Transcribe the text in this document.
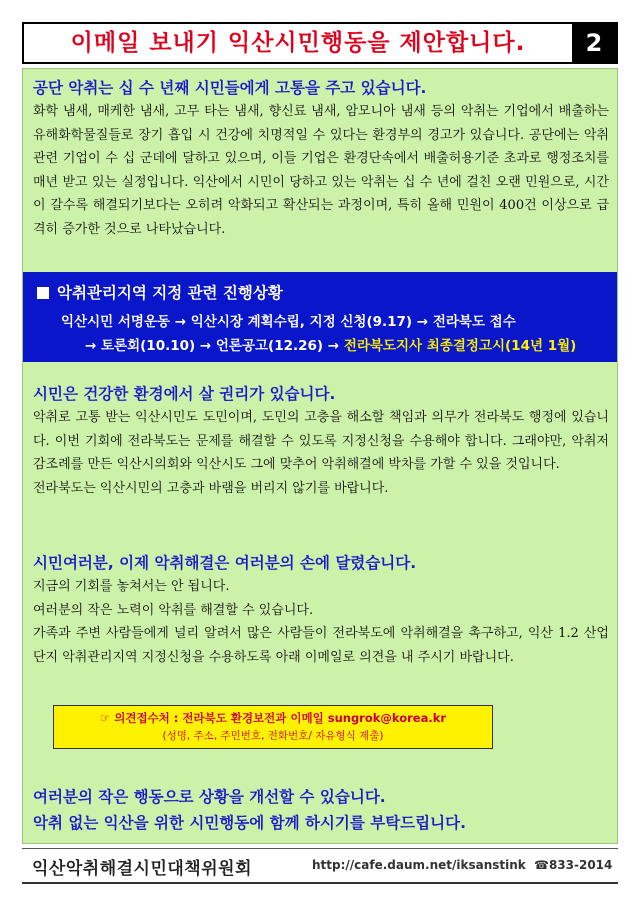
이메일 보내기 익산시민행동을 제안합니다.	2
공단 악취는 십 수 년째 시민들에게 고통을 주고 있습니다.
화학 냄새, 매케한 냄새, 고무 타는 냄새, 향신료 냄새, 암모니아 냄새 등의 악취는 기업에서 배출하는 유해화학물질들로 장기 흡입 시 건강에 치명적일 수 있다는 환경부의 경고가 있습니다. 공단에는 악취관련 기업이 수 십 군데에 달하고 있으며, 이들 기업은 환경단속에서 배출허용기준 초과로 행정조치를 매년 받고 있는 실정입니다. 익산에서 시민이 당하고 있는 악취는 십 수 년에 걸친 오랜 민원으로, 시간이 갈수록 해결되기보다는 오히려 악화되고 확산되는 과정이며, 특히 올해 민원이 400건 이상으로 급격히 증가한 것으로 나타났습니다.
악취관리지역 지정 관련 진행상황
익산시민 서명운동 → 익산시장 계획수립, 지정 신청(9.17) → 전라북도 접수
→ 토론회(10.10) → 언론공고(12.26) → 전라북도지사 최종결정고시(14년 1월)
시민은 건강한 환경에서 살 권리가 있습니다.

악취로 고통 받는 익산시민도 도민이며, 도민의 고충을 해소할 책임과 의무가 전라북도 행정에 있습니다. 이번 기회에 전라북도는 문제를 해결할 수 있도록 지정신청을 수용해야 합니다. 그래야만, 악취저감조례를 만든 익산시의회와 익산시도 그에 맞추어 악취해결에 박차를 가할 수 있을 것입니다.

전라북도는 익산시민의 고충과 바램을 버리지 않기를 바랍니다.

시민여러분, 이제 악취해결은 여러분의 손에 달렸습니다.

지금의 기회를 놓쳐서는 안 됩니다.

여러분의 작은 노력이 악취를 해결할 수 있습니다.

가족과 주변 사람들에게 널리 알려서 많은 사람들이 전라북도에 악취해결을 촉구하고, 익산 1.2 산업단지 악취관리지역 지정신청을 수용하도록 아래 이메일로 의견을 내 주시기 바랍니다.

☞ 의견접수처 : 전라북도 환경보전과 이메일 sungrok@korea.kr
(성명, 주소, 주민번호, 전화번호/ 자유형식 제출)
여러분의 작은 행동으로 상황을 개선할 수 있습니다.
악취 없는 익산을 위한 시민행동에 함께 하시기를 부탁드립니다.
익산악취해결시민대책위원회	http://cafe.daum.net/iksanstink ☎833-2014
